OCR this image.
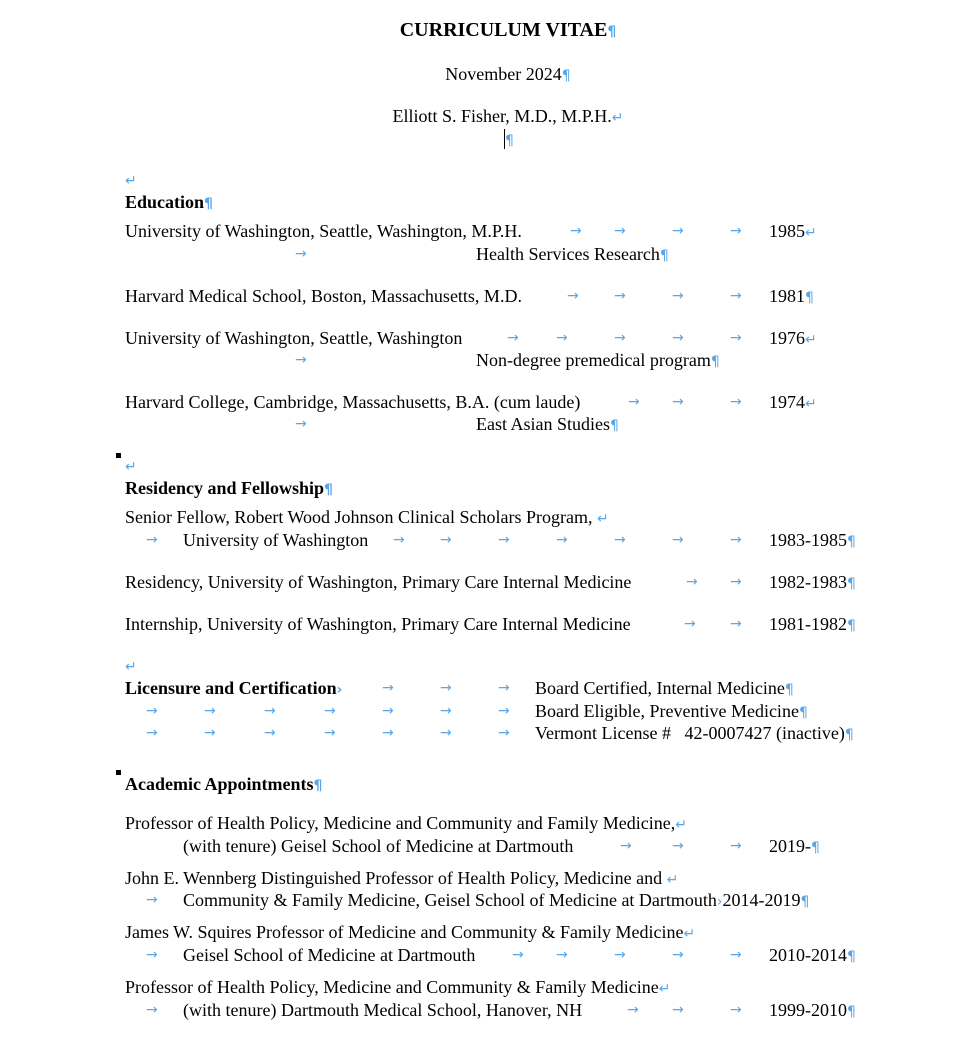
CURRICULUM VITAE¶
November 2024¶
Elliott S. Fisher, M.D., M.P.H.↵
¶
↵
Education¶
University of Washington, Seattle, Washington, M.P.H.	→ →	→	→ 1985↵
→	Health Services Research¶
Harvard Medical School, Boston, Massachusetts, M.D.	→	→	→	→ 1981¶
University of Washington, Seattle, Washington	→	→	→	→	→ 1976↵
→	Non-degree premedical program¶
Harvard College, Cambridge, Massachusetts, B.A. (cum laude)	→ →	→ 1974↵
→	East Asian Studies¶
↵
Residency and Fellowship¶
Senior Fellow, Robert Wood Johnson Clinical Scholars Program, ↵
→ University of Washington →	→	→	→	→	→	→ 1983-1985¶
Residency, University of Washington, Primary Care Internal Medicine	→ → 1982-1983¶
Internship, University of Washington, Primary Care Internal Medicine	→ → 1981-1982¶
↵
Licensure and Certification›	→	→	→ Board Certified, Internal Medicine¶
→	→	→	→	→	→	→ Board Eligible, Preventive Medicine¶
→	→	→	→	→	→	→ Vermont License #   42-0007427 (inactive)¶
Academic Appointments¶
Professor of Health Policy, Medicine and Community and Family Medicine,↵
(with tenure) Geisel School of Medicine at Dartmouth	→	→	→ 2019-¶
John E. Wennberg Distinguished Professor of Health Policy, Medicine and ↵
→ Community & Family Medicine, Geisel School of Medicine at Dartmouth›2014-2019¶
James W. Squires Professor of Medicine and Community & Family Medicine↵
→ Geisel School of Medicine at Dartmouth	→ →	→	→	→ 2010-2014¶
Professor of Health Policy, Medicine and Community & Family Medicine↵
→ (with tenure) Dartmouth Medical School, Hanover, NH	→ →	→ 1999-2010¶
